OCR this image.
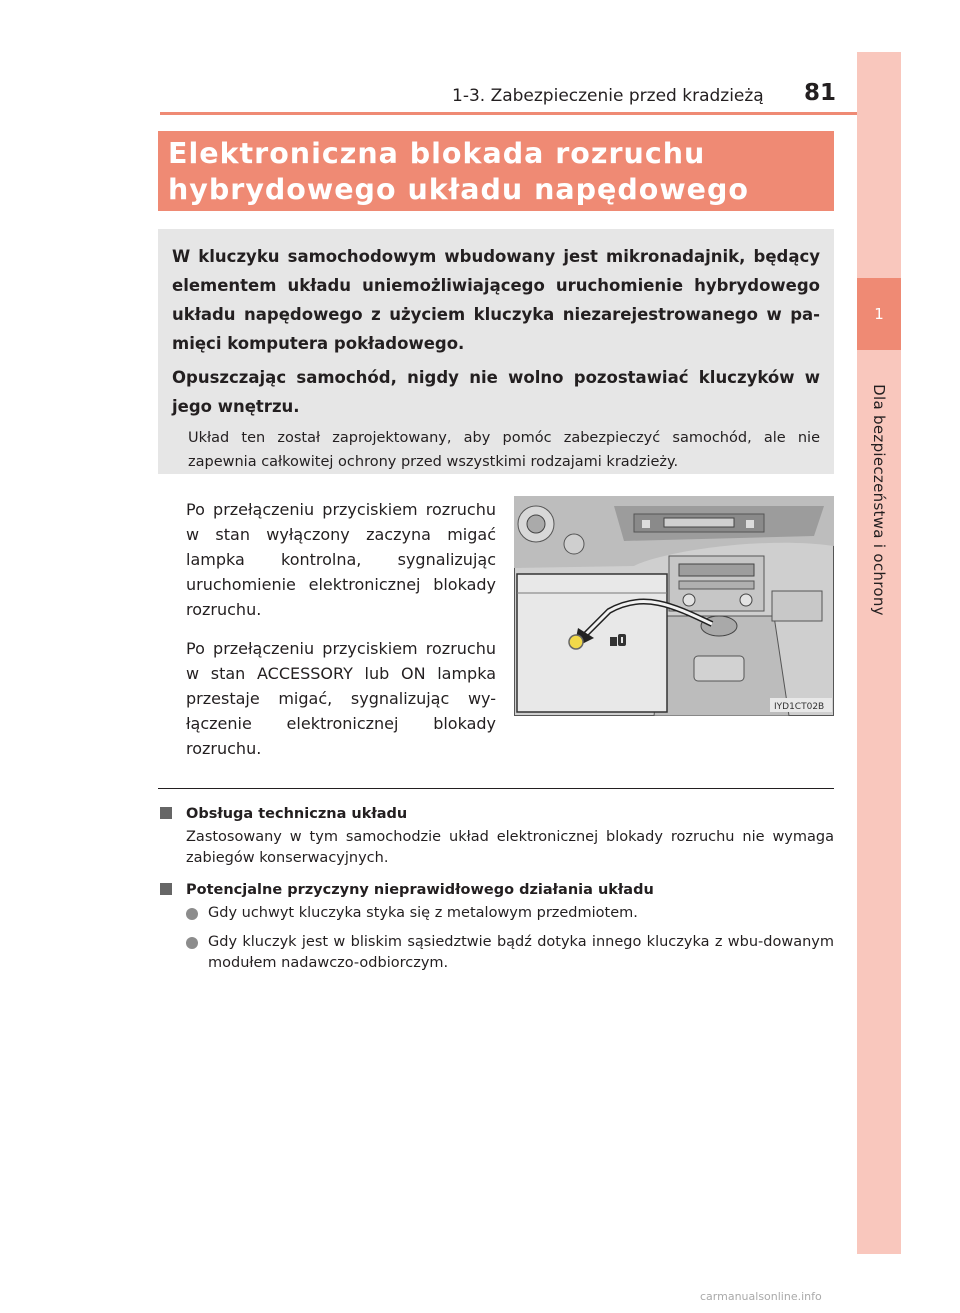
1
Dla bezpieczeństwa i ochrony
1-3. Zabezpieczenie przed kradzieżą 81
Elektroniczna blokada rozruchu
hybrydowego układu napędowego

W kluczyku samochodowym wbudowany jest mikronadajnik, będący elementem układu uniemożliwiającego uruchomienie hybrydowego układu napędowego z użyciem kluczyka niezarejestrowanego w pa-mięci komputera pokładowego.

Opuszczając samochód, nigdy nie wolno pozostawiać kluczyków w jego wnętrzu.

Układ ten został zaprojektowany, aby pomóc zabezpieczyć samochód, ale nie zapewnia całkowitej ochrony przed wszystkimi rodzajami kradzieży.

Po przełączeniu przyciskiem rozruchu w stan wyłączony zaczyna migać lampka kontrolna, sygnalizując uruchomienie elektronicznej blokady rozruchu.

Po przełączeniu przyciskiem rozruchu w stan ACCESSORY lub ON lampka przestaje migać, sygnalizując wy-łączenie elektronicznej blokady rozruchu.

IYD1CT02B
Obsługa techniczna układu
Zastosowany w tym samochodzie układ elektronicznej blokady rozruchu nie wymaga zabiegów konserwacyjnych.
Potencjalne przyczyny nieprawidłowego działania układu
Gdy uchwyt kluczyka styka się z metalowym przedmiotem.
Gdy kluczyk jest w bliskim sąsiedztwie bądź dotyka innego kluczyka z wbu-dowanym modułem nadawczo-odbiorczym.
carmanualsonline.info
